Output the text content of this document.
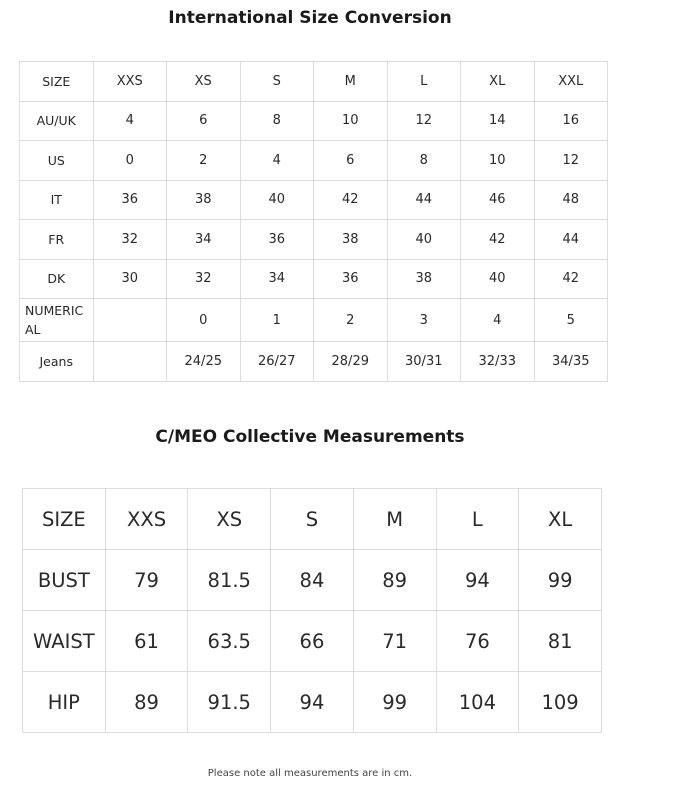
International Size Conversion
SIZE	XXS	XS	S	M	L	XL	XXL
AU/UK	4	6	8	10	12	14	16
US	0	2	4	6	8	10	12
IT	36	38	40	42	44	46	48
FR	32	34	36	38	40	42	44
DK	30	32	34	36	38	40	42
NUMERIC
AL		0	1	2	3	4	5
Jeans		24/25	26/27	28/29	30/31	32/33	34/35
C/MEO Collective Measurements
SIZE	XXS	XS	S	M	L	XL
BUST	79	81.5	84	89	94	99
WAIST	61	63.5	66	71	76	81
HIP	89	91.5	94	99	104	109
Please note all measurements are in cm.
